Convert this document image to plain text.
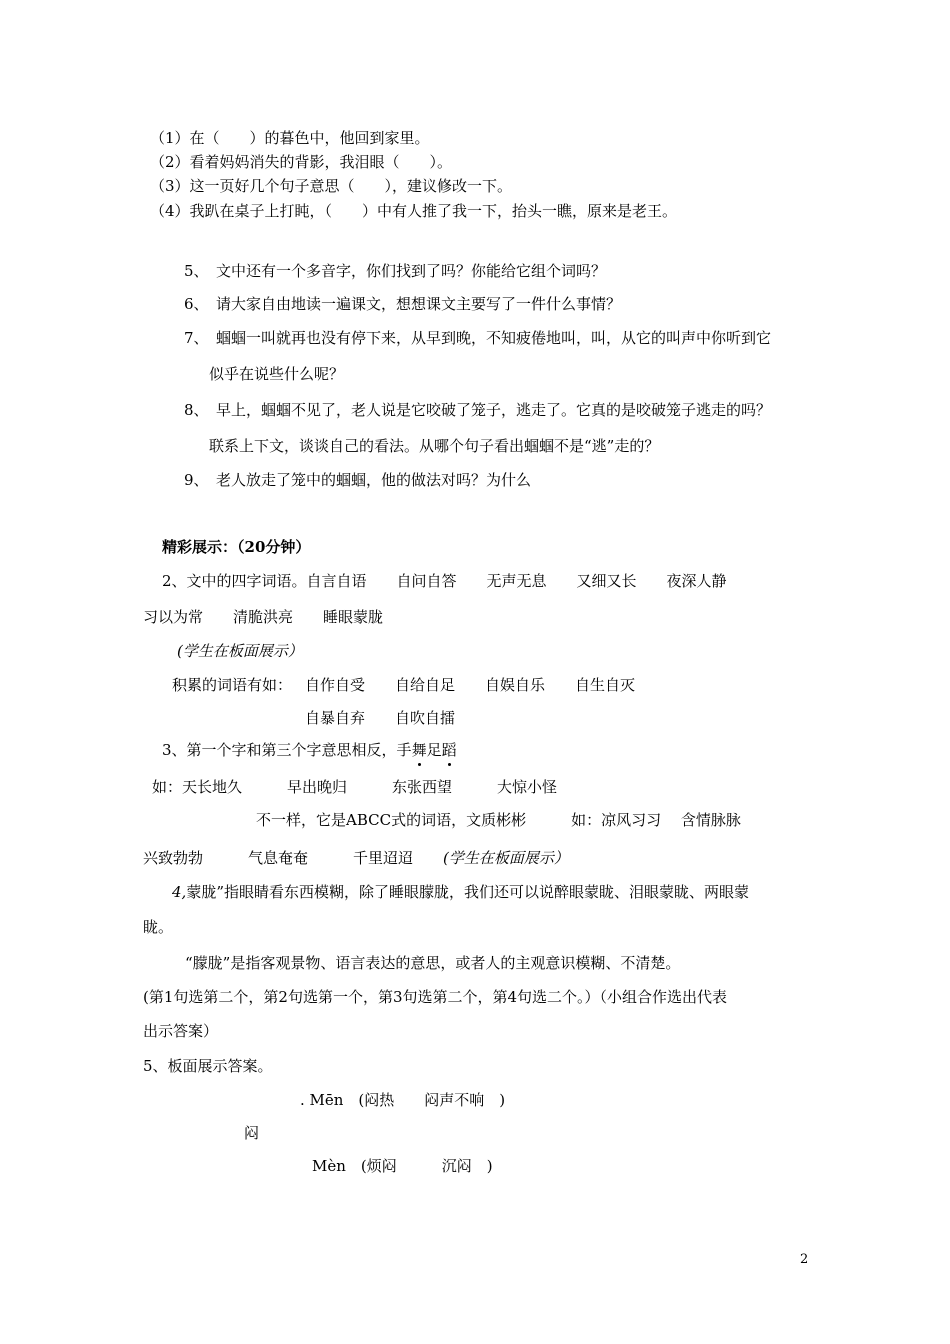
（1）在（　　）的暮色中，他回到家里。
（2）看着妈妈消失的背影，我泪眼（　　）。
（3）这一页好几个句子意思（　　），建议修改一下。
（4）我趴在桌子上打盹，（　　）中有人推了我一下，抬头一瞧，原来是老王。
5、　文中还有一个多音字，你们找到了吗？你能给它组个词吗？
6、　请大家自由地读一遍课文，想想课文主要写了一件什么事情？
7、　蝈蝈一叫就再也没有停下来，从早到晚，不知疲倦地叫，叫，从它的叫声中你听到它
似乎在说些什么呢？
8、　早上，蝈蝈不见了，老人说是它咬破了笼子，逃走了。它真的是咬破笼子逃走的吗？
联系上下文，谈谈自己的看法。从哪个句子看出蝈蝈不是“逃”走的？
9、　老人放走了笼中的蝈蝈，他的做法对吗？为什么
精彩展示：（20分钟）
2、文中的四字词语。自言自语　　自问自答　　无声无息　　又细又长　　夜深人静
习以为常　　清脆洪亮　　睡眼蒙胧
(学生在板面展示）
积累的词语有如： 自作自受　　自给自足　　自娱自乐　　自生自灭
自暴自弃　　自吹自擂
3、第一个字和第三个字意思相反，手舞足蹈
如：天长地久　　　早出晚归　　　东张西望　　　大惊小怪
不一样，它是ABCC式的词语，文质彬彬　　　如：凉风习习　 含情脉脉
兴致勃勃　　　气息奄奄　　　千里迢迢　　(学生在板面展示）
4,蒙胧”指眼睛看东西模糊，除了睡眼朦胧，我们还可以说醉眼蒙眬、泪眼蒙眬、两眼蒙
眬。
“朦胧”是指客观景物、语言表达的意思，或者人的主观意识模糊、不清楚。
(第1句选第二个，第2句选第一个，第3句选第二个，第4句选二个。）（小组合作选出代表
出示答案）
5、板面展示答案。
. Mēn　(闷热　　闷声不响　)
闷
Mèn　(烦闷　　　沉闷　)
2
